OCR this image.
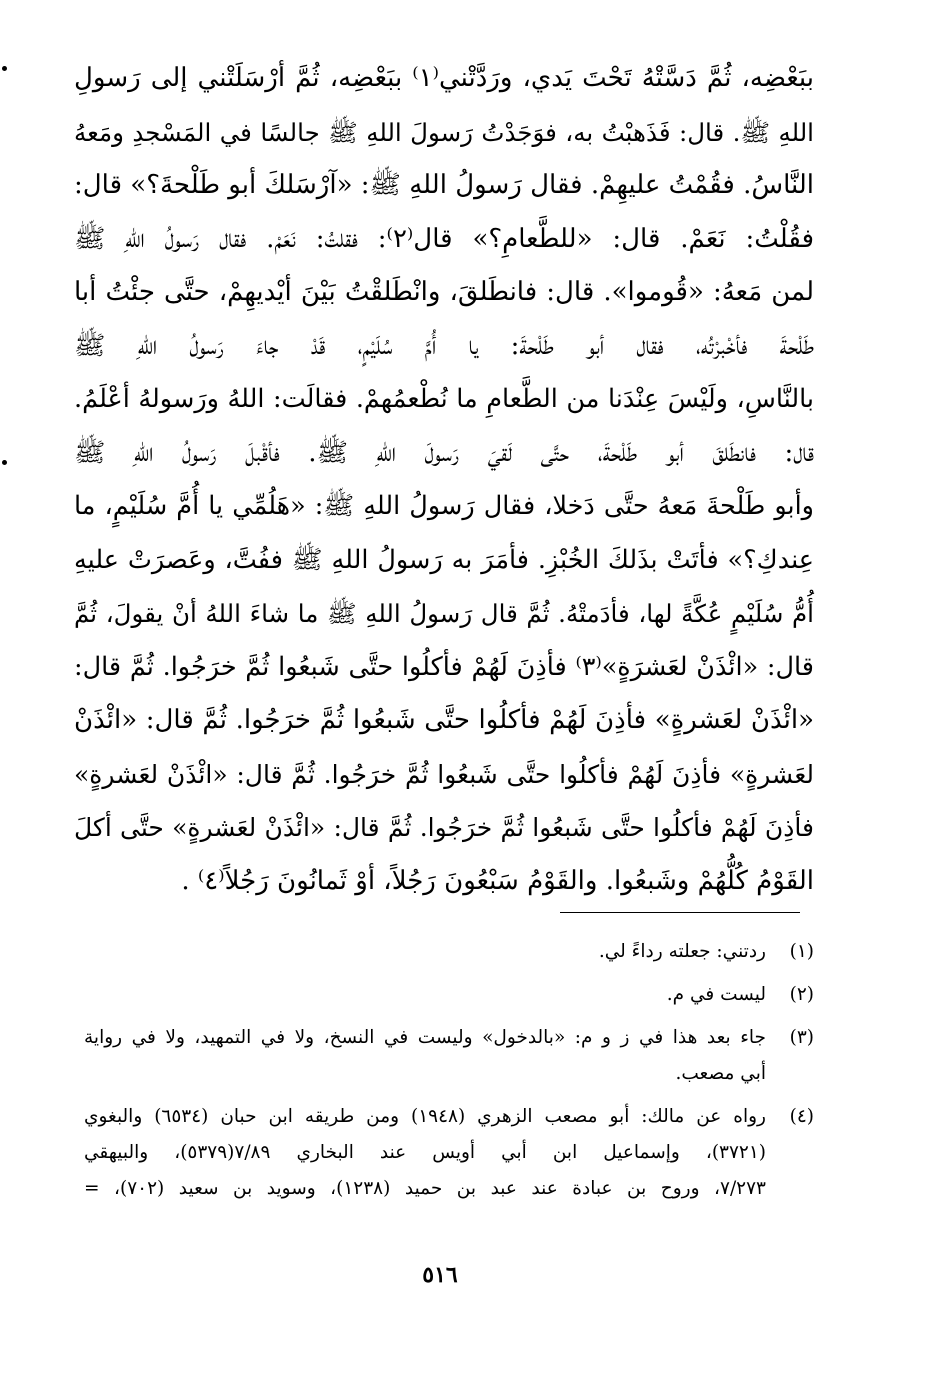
ببَعْضِه، ثُمَّ دَسَّتْهُ تَحْتَ يَدي، ورَدَّتْني⁽١⁾ ببَعْضِه، ثُمَّ أرْسَلَتْني إلى رَسولِ
اللهِ ﷺ. قال: فَذَهبْتُ به، فوَجَدْتُ رَسولَ اللهِ ﷺ جالسًا في المَسْجدِ ومَعهُ
النَّاسُ. فقُمْتُ عليهِمْ. فقال رَسولُ اللهِ ﷺ: «آرْسَلكَ أبو طَلْحةَ؟» قال:
فقُلْتُ: نَعَمْ. قال: «للطَّعامِ؟» قال⁽٢⁾: فقلتُ: نَعَمْ. فقال رَسولُ اللهِ ﷺ
لمن مَعهُ: «قُوموا». قال: فانطَلقَ، وانْطَلقْتُ بَيْنَ أيْديهِمْ، حتَّى جئْتُ أبا
طَلْحةَ فأخْبرْتُه، فقال أبو طَلْحةَ: يا أُمَّ سُلَيْمٍ، قَدْ جاءَ رَسولُ اللهِ ﷺ
بالنَّاسِ، ولَيْسَ عِنْدَنا من الطَّعامِ ما نُطْعمُهمْ. فقالَت: اللهُ ورَسولهُ أعْلَمُ.
قال: فانطَلقَ أبو طَلْحةَ، حتَّى لَقيَ رَسولَ اللهِ ﷺ. فأقْبلَ رَسولُ اللهِ ﷺ
وأبو طَلْحةَ مَعهُ حتَّى دَخلا، فقال رَسولُ اللهِ ﷺ: «هَلُمِّي يا أُمَّ سُلَيْمٍ، ما
عِندكِ؟» فأتَتْ بذَلكَ الخُبْزِ. فأمَرَ به رَسولُ اللهِ ﷺ ففُتَّ، وعَصرَتْ عليهِ
أُمُّ سُلَيْمٍ عُكَّةً لها، فأدَمتْهُ. ثُمَّ قال رَسولُ اللهِ ﷺ ما شاءَ اللهُ أنْ يقولَ، ثُمَّ
قال: «ائْذَنْ لعَشرَةٍ»⁽٣⁾ فأذِنَ لَهُمْ فأكلُوا حتَّى شَبعُوا ثُمَّ خرَجُوا. ثُمَّ قال:
«ائْذَنْ لعَشرةٍ» فأذِنَ لَهُمْ فأكلُوا حتَّى شَبعُوا ثُمَّ خرَجُوا. ثُمَّ قال: «ائْذَنْ
لعَشرةٍ» فأذِنَ لَهُمْ فأكلُوا حتَّى شَبعُوا ثُمَّ خرَجُوا. ثُمَّ قال: «ائْذَنْ لعَشرةٍ»
فأذِنَ لَهُمْ فأكلُوا حتَّى شَبعُوا ثُمَّ خرَجُوا. ثُمَّ قال: «ائْذَنْ لعَشرةٍ» حتَّى أكلَ
القَوْمُ كُلُّهُمْ وشَبعُوا. والقَوْمُ سَبْعُونَ رَجُلاً، أوْ ثَمانُونَ رَجُلاً⁽٤⁾ .
(١)
ردتني: جعلته رداءً لي.
(٢)
ليست في م.
(٣)
جاء بعد هذا في ز و م: «بالدخول» وليست في النسخ، ولا في التمهيد، ولا في رواية
أبي مصعب.
(٤)
رواه عن مالك: أبو مصعب الزهري (١٩٤٨) ومن طريقه ابن حبان (٦٥٣٤) والبغوي
(٣٧٢١)، وإسماعيل ابن أبي أويس عند البخاري ٧/٨٩(٥٣٧٩)، والبيهقي
٧/٢٧٣، وروح بن عبادة عند عبد بن حميد (١٢٣٨)، وسويد بن سعيد (٧٠٢)، =
٥١٦
